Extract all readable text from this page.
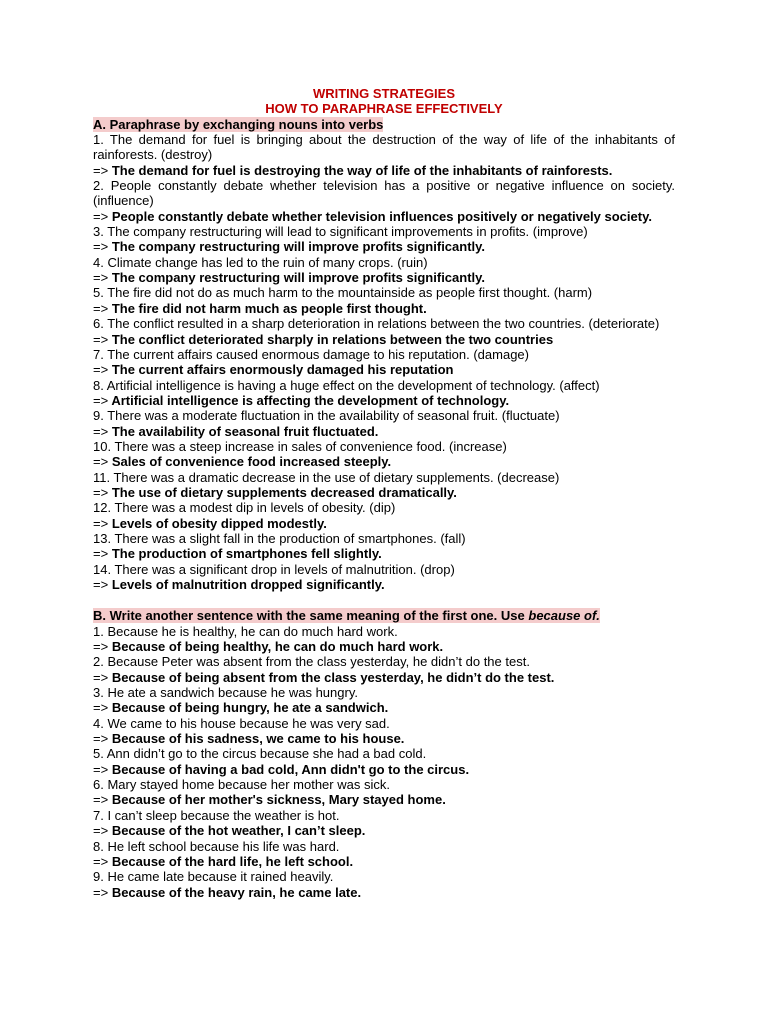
WRITING STRATEGIES
HOW TO PARAPHRASE EFFECTIVELY

A. Paraphrase by exchanging nouns into verbs

1. The demand for fuel is bringing about the destruction of the way of life of the inhabitants of rainforests. (destroy)

=> The demand for fuel is destroying the way of life of the inhabitants of rainforests.

2. People constantly debate whether television has a positive or negative influence on society. (influence)

=> People constantly debate whether television influences positively or negatively society.

3. The company restructuring will lead to significant improvements in profits. (improve)

=> The company restructuring will improve profits significantly.

4. Climate change has led to the ruin of many crops. (ruin)

=> The company restructuring will improve profits significantly.

5. The fire did not do as much harm to the mountainside as people first thought. (harm)

=> The fire did not harm much as people first thought.

6. The conflict resulted in a sharp deterioration in relations between the two countries. (deteriorate)

=> The conflict deteriorated sharply in relations between the two countries

7. The current affairs caused enormous damage to his reputation. (damage)

=> The current affairs enormously damaged his reputation

8. Artificial intelligence is having a huge effect on the development of technology. (affect)

=> Artificial intelligence is affecting the development of technology.

9. There was a moderate fluctuation in the availability of seasonal fruit. (fluctuate)

=> The availability of seasonal fruit fluctuated.

10. There was a steep increase in sales of convenience food. (increase)

=> Sales of convenience food increased steeply.

11. There was a dramatic decrease in the use of dietary supplements. (decrease)

=> The use of dietary supplements decreased dramatically.

12. There was a modest dip in levels of obesity. (dip)

=> Levels of obesity dipped modestly.

13. There was a slight fall in the production of smartphones. (fall)

=> The production of smartphones fell slightly.

14. There was a significant drop in levels of malnutrition. (drop)

=> Levels of malnutrition dropped significantly.

B. Write another sentence with the same meaning of the first one. Use because of.

1. Because he is healthy, he can do much hard work.

=> Because of being healthy, he can do much hard work.

2. Because Peter was absent from the class yesterday, he didn’t do the test.

=> Because of being absent from the class yesterday, he didn’t do the test.

3. He ate a sandwich because he was hungry.

=> Because of being hungry, he ate a sandwich.

4. We came to his house because he was very sad.

=> Because of his sadness, we came to his house.

5. Ann didn’t go to the circus because she had a bad cold.

=> Because of having a bad cold, Ann didn't go to the circus.

6. Mary stayed home because her mother was sick.

=> Because of her mother's sickness, Mary stayed home.

7. I can’t sleep because the weather is hot.

=> Because of the hot weather, I can’t sleep.

8. He left school because his life was hard.

=> Because of the hard life, he left school.

9. He came late because it rained heavily.

=> Because of the heavy rain, he came late.
